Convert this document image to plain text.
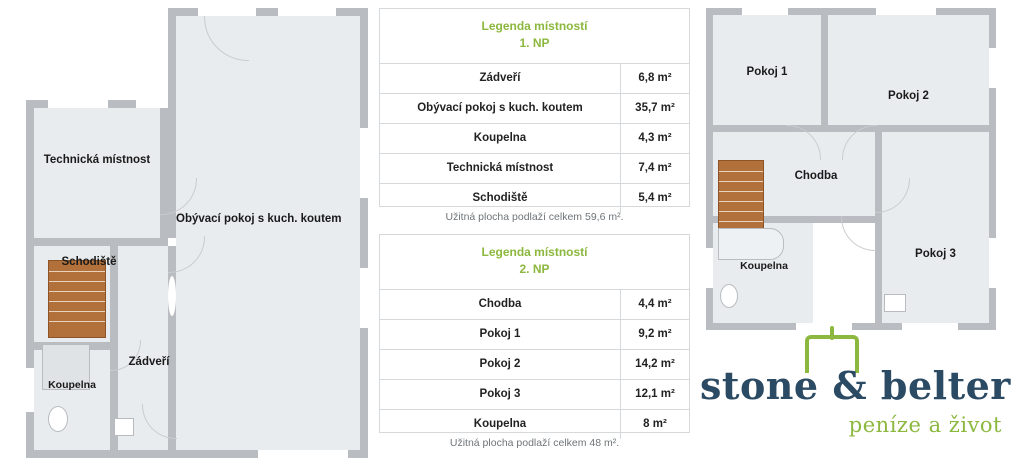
Technická místnost
Obývací pokoj s kuch. koutem
Schodiště
Zádveří
Koupelna
Pokoj 1
Pokoj 2
Chodba
Pokoj 3
Koupelna
Legenda místností
1. NP
Zádveří	6,8 m²
Obývací pokoj s kuch. koutem	35,7 m²
Koupelna	4,3 m²
Technická místnost	7,4 m²
Schodiště	5,4 m²
Užitná plocha podlaží celkem 59,6 m².
Legenda místností
2. NP
Chodba	4,4 m²
Pokoj 1	9,2 m²
Pokoj 2	14,2 m²
Pokoj 3	12,1 m²
Koupelna	8 m²
Užitná plocha podlaží celkem 48 m².
stone & belter
peníze a život
